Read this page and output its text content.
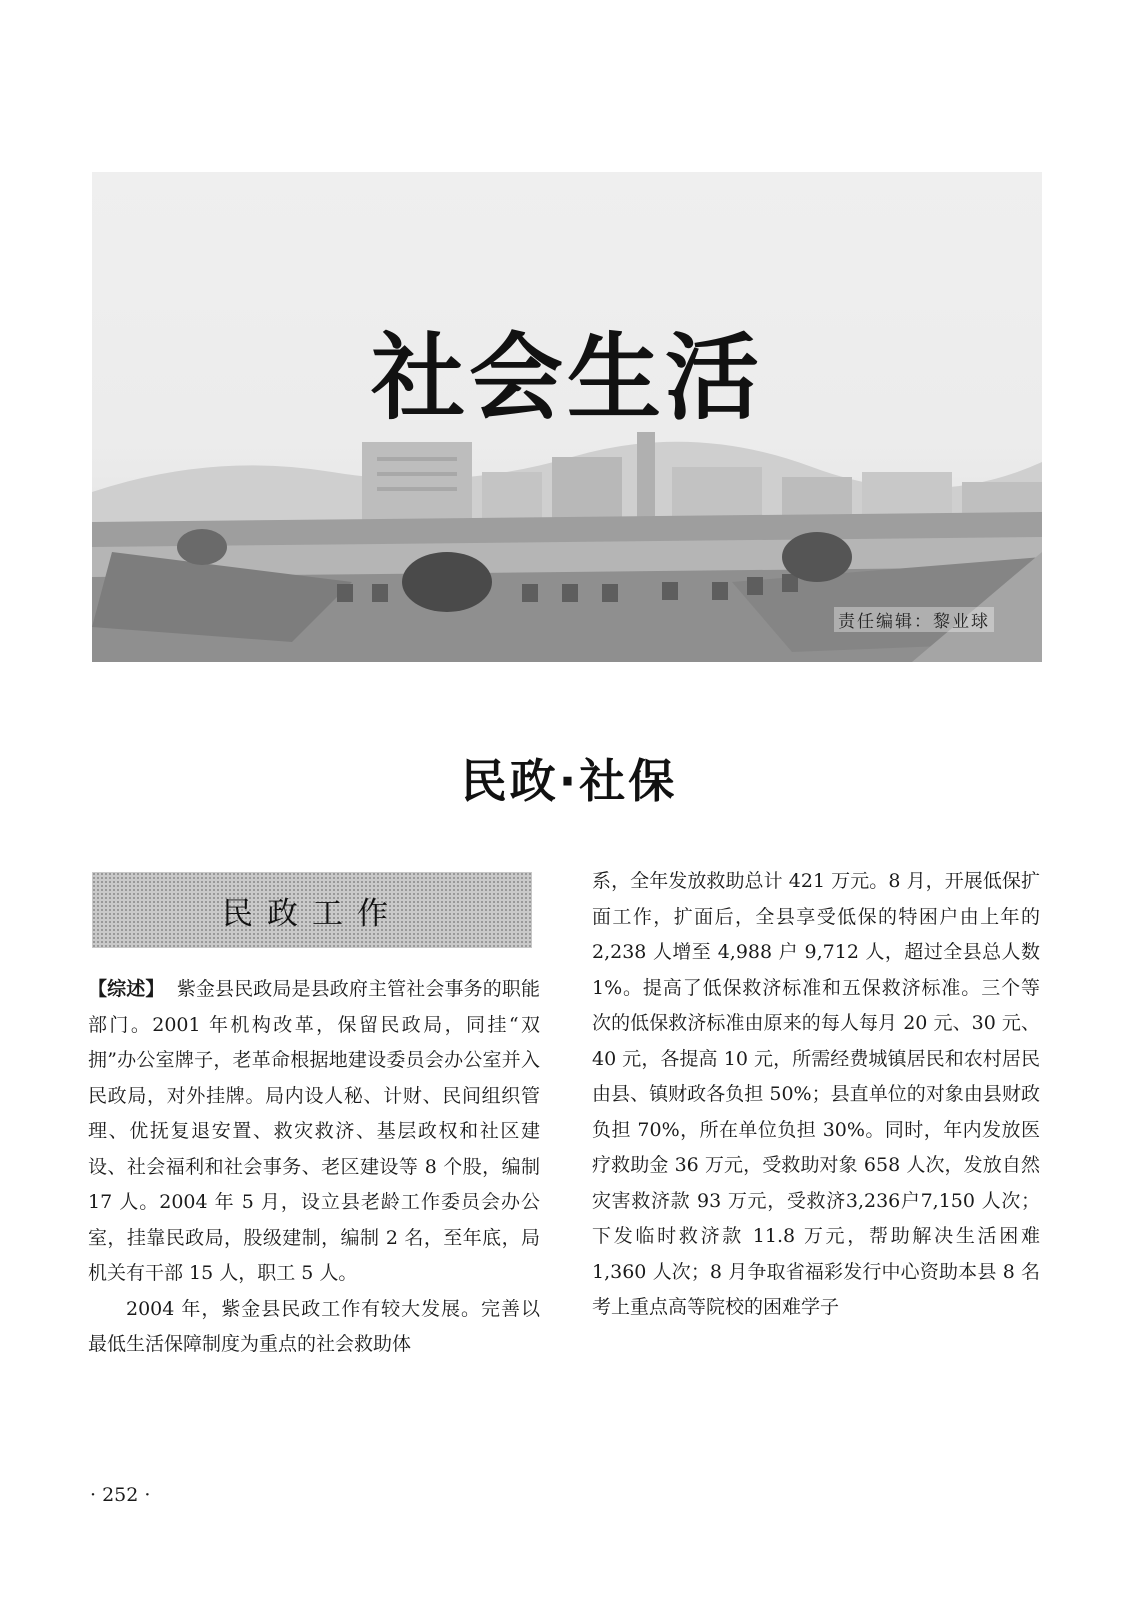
社会生活
责任编辑：黎业球
民政·社保
民政工作

【综述】 紫金县民政局是县政府主管社会事务的职能部门。2001 年机构改革，保留民政局，同挂“双拥”办公室牌子，老革命根据地建设委员会办公室并入民政局，对外挂牌。局内设人秘、计财、民间组织管理、优抚复退安置、救灾救济、基层政权和社区建设、社会福利和社会事务、老区建设等 8 个股，编制 17 人。2004 年 5 月，设立县老龄工作委员会办公室，挂靠民政局，股级建制，编制 2 名，至年底，局机关有干部 15 人，职工 5 人。

2004 年，紫金县民政工作有较大发展。完善以最低生活保障制度为重点的社会救助体

系，全年发放救助总计 421 万元。8 月，开展低保扩面工作，扩面后，全县享受低保的特困户由上年的 2,238 人增至 4,988 户 9,712 人，超过全县总人数 1%。提高了低保救济标准和五保救济标准。三个等次的低保救济标准由原来的每人每月 20 元、30 元、40 元，各提高 10 元，所需经费城镇居民和农村居民由县、镇财政各负担 50%；县直单位的对象由县财政负担 70%，所在单位负担 30%。同时，年内发放医疗救助金 36 万元，受救助对象 658 人次，发放自然灾害救济款 93 万元，受救济3,236户7,150 人次；下发临时救济款 11.8 万元，帮助解决生活困难 1,360 人次；8 月争取省福彩发行中心资助本县 8 名考上重点高等院校的困难学子

· 252 ·
